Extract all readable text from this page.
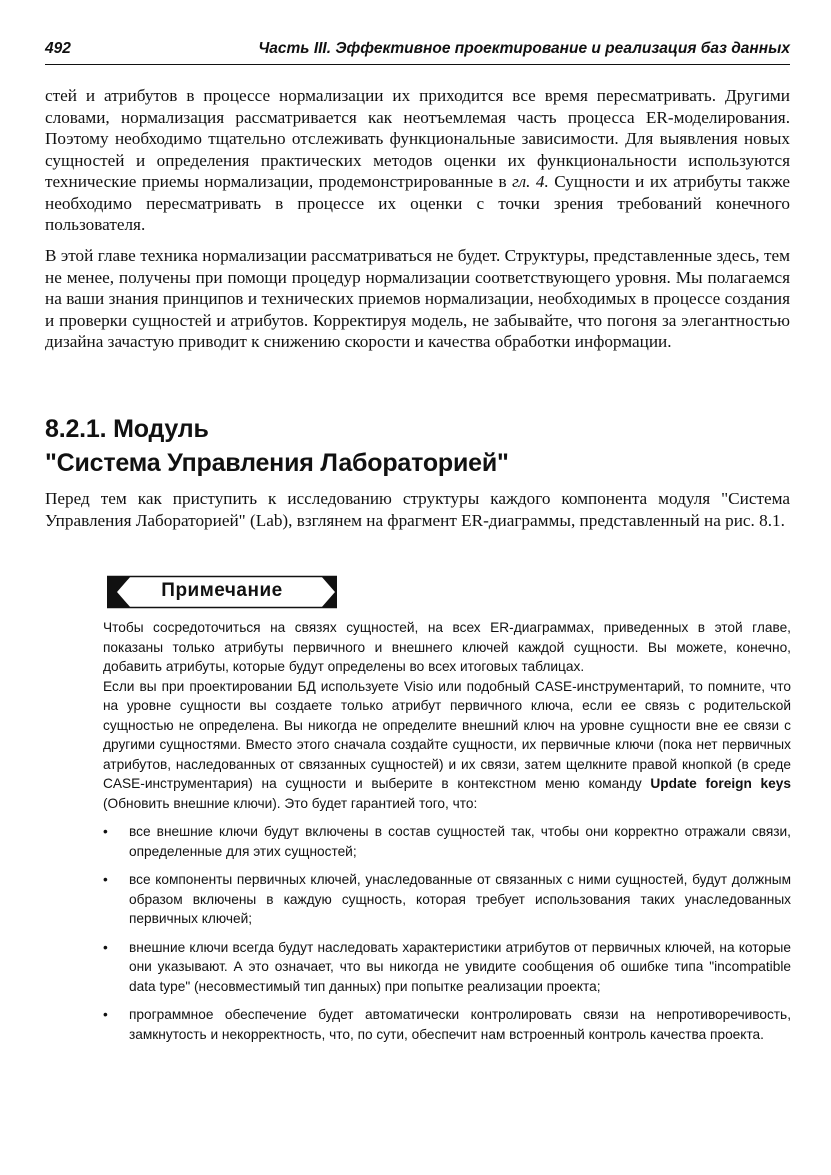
492	Часть III. Эффективное проектирование и реализация баз данных

стей и атрибутов в процессе нормализации их приходится все время пересматривать. Другими словами, нормализация рассматривается как неотъемлемая часть процесса ER-моделирования. Поэтому необходимо тщательно отслеживать функциональные зависимости. Для выявления новых сущностей и определения практических методов оценки их функциональности используются технические приемы нормализации, продемонстрированные в гл. 4. Сущности и их атрибуты также необходимо пересматривать в процессе их оценки с точки зрения требований конечного пользователя.

В этой главе техника нормализации рассматриваться не будет. Структуры, представленные здесь, тем не менее, получены при помощи процедур нормализации соответствующего уровня. Мы полагаемся на ваши знания принципов и технических приемов нормализации, необходимых в процессе создания и проверки сущностей и атрибутов. Корректируя модель, не забывайте, что погоня за элегантностью дизайна зачастую приводит к снижению скорости и качества обработки информации.

8.2.1. Модуль
"Система Управления Лабораторией"

Перед тем как приступить к исследованию структуры каждого компонента модуля "Система Управления Лабораторией" (Lab), взглянем на фрагмент ER-диаграммы, представленный на рис. 8.1.

Примечание

Чтобы сосредоточиться на связях сущностей, на всех ER-диаграммах, приведенных в этой главе, показаны только атрибуты первичного и внешнего ключей каждой сущности. Вы можете, конечно, добавить атрибуты, которые будут определены во всех итоговых таблицах.

Если вы при проектировании БД используете Visio или подобный CASE-инструментарий, то помните, что на уровне сущности вы создаете только атрибут первичного ключа, если ее связь с родительской сущностью не определена. Вы никогда не определите внешний ключ на уровне сущности вне ее связи с другими сущностями. Вместо этого сначала создайте сущности, их первичные ключи (пока нет первичных атрибутов, наследованных от связанных сущностей) и их связи, затем щелкните правой кнопкой (в среде CASE-инструментария) на сущности и выберите в контекстном меню команду Update foreign keys (Обновить внешние ключи). Это будет гарантией того, что:

• все внешние ключи будут включены в состав сущностей так, чтобы они корректно отражали связи, определенные для этих сущностей;
• все компоненты первичных ключей, унаследованные от связанных с ними сущностей, будут должным образом включены в каждую сущность, которая требует использования таких унаследованных первичных ключей;
• внешние ключи всегда будут наследовать характеристики атрибутов от первичных ключей, на которые они указывают. А это означает, что вы никогда не увидите сообщения об ошибке типа "incompatible data type" (несовместимый тип данных) при попытке реализации проекта;
• программное обеспечение будет автоматически контролировать связи на непротиворечивость, замкнутость и некорректность, что, по сути, обеспечит нам встроенный контроль качества проекта.
